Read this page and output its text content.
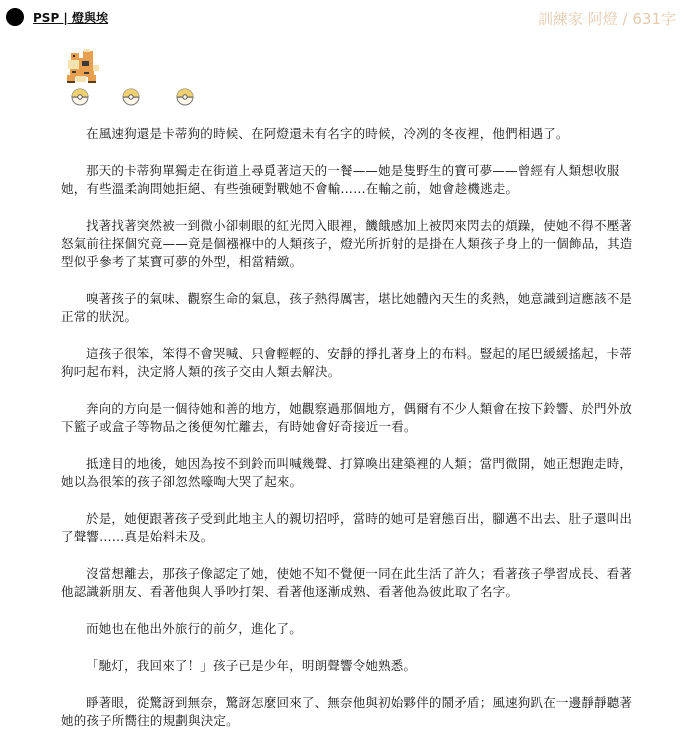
PSP | 燈與埃	訓練家 阿燈 / 631字

在風速狗還是卡蒂狗的時候、在阿燈還未有名字的時候，冷冽的冬夜裡，他們相遇了。

那天的卡蒂狗單獨走在街道上尋覓著這天的一餐——她是隻野生的寶可夢——曾經有人類想收服她，有些溫柔詢問她拒絕、有些強硬對戰她不會輸……在輸之前，她會趁機逃走。

找著找著突然被一到微小卻刺眼的紅光閃入眼裡，饑餓感加上被閃來閃去的煩躁，使她不得不壓著怒氣前往探個究竟——竟是個襁褓中的人類孩子，燈光所折射的是掛在人類孩子身上的一個飾品，其造型似乎參考了某寶可夢的外型，相當精緻。

嗅著孩子的氣味、觀察生命的氣息，孩子熱得厲害，堪比她體內天生的炙熱，她意識到這應該不是正常的狀況。

這孩子很笨，笨得不會哭喊、只會輕輕的、安靜的掙扎著身上的布料。豎起的尾巴緩緩搖起，卡蒂狗叼起布料，決定將人類的孩子交由人類去解決。

奔向的方向是一個待她和善的地方，她觀察過那個地方，偶爾有不少人類會在按下鈴響、於門外放下籃子或盒子等物品之後便匆忙離去，有時她會好奇接近一看。

抵達目的地後，她因為按不到鈴而叫喊幾聲、打算喚出建築裡的人類；當門微開，她正想跑走時，她以為很笨的孩子卻忽然嚎啕大哭了起來。

於是，她便跟著孩子受到此地主人的親切招呼，當時的她可是窘態百出，腳邁不出去、肚子還叫出了聲響……真是始料未及。

沒當想離去，那孩子像認定了她，使她不知不覺便一同在此生活了許久；看著孩子學習成長、看著他認識新朋友、看著他與人爭吵打架、看著他逐漸成熟、看著他為彼此取了名字。

而她也在他出外旅行的前夕，進化了。

「馳灯，我回來了！」孩子已是少年，明朗聲響令她熟悉。

睜著眼，從驚訝到無奈，驚訝怎麼回來了、無奈他與初始夥伴的鬧矛盾；風速狗趴在一邊靜靜聽著她的孩子所嚮往的規劃與決定。
